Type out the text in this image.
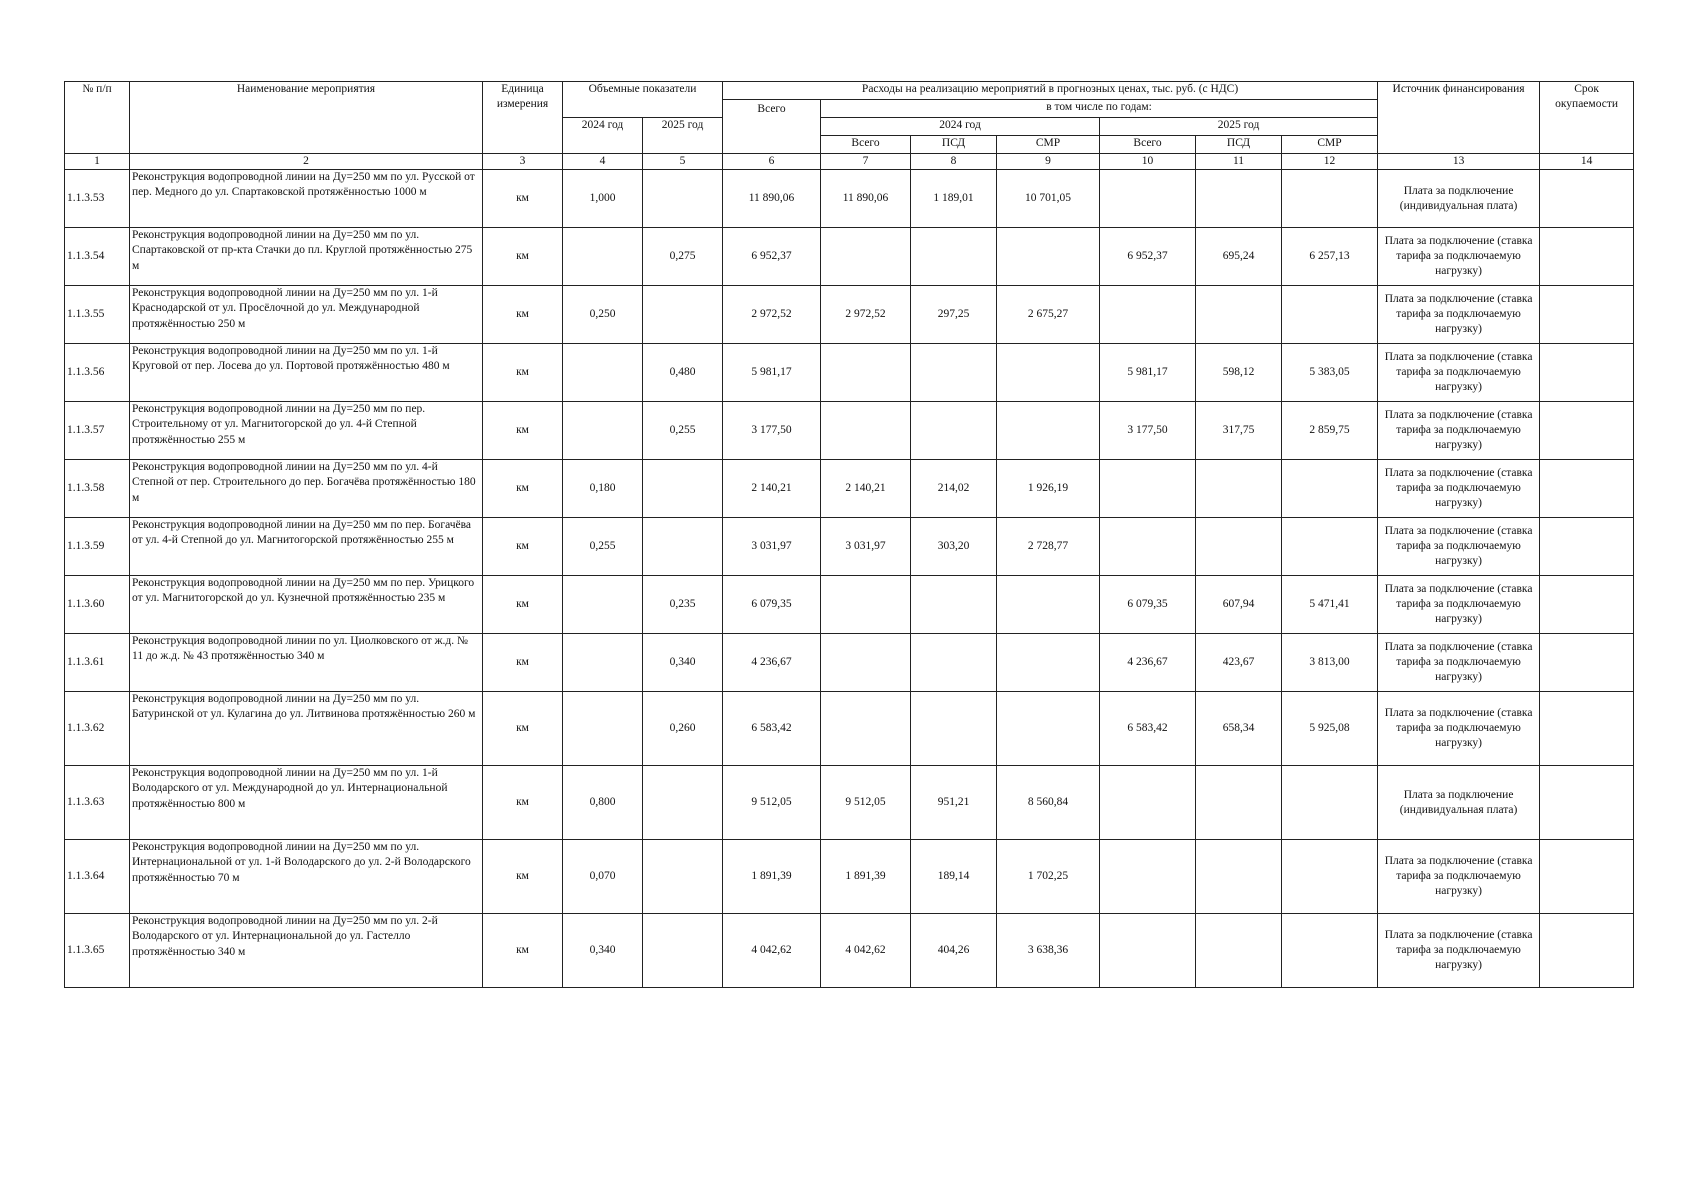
№ п/п	Наименование мероприятия	Единица измерения	Объемные показатели		Расходы на реализацию мероприятий в прогнозных ценах, тыс. руб. (с НДС)							Источник финансирования	Срок окупаемости
					Всего	в том числе по годам:							
			2024 год	2025 год		2024 год			2025 год				
						Всего	ПСД	СМР	Всего	ПСД	СМР		
1	2	3	4	5	6	7	8	9	10	11	12	13	14
1.1.3.53	Реконструкция водопроводной линии на Ду=250 мм по ул. Русской от пер. Медного до ул. Спартаковской протяжённостью 1000 м	км	1,000		11 890,06	11 890,06	1 189,01	10 701,05				Плата за подключение (индивидуальная плата)	
1.1.3.54	Реконструкция водопроводной линии на Ду=250 мм по ул. Спартаковской от пр-кта Стачки до пл. Круглой протяжённостью 275 м	км		0,275	6 952,37				6 952,37	695,24	6 257,13	Плата за подключение (ставка тарифа за подключаемую нагрузку)	
1.1.3.55	Реконструкция водопроводной линии на Ду=250 мм по ул. 1-й Краснодарской от ул. Просёлочной до ул. Международной протяжённостью 250 м	км	0,250		2 972,52	2 972,52	297,25	2 675,27				Плата за подключение (ставка тарифа за подключаемую нагрузку)	
1.1.3.56	Реконструкция водопроводной линии на Ду=250 мм по ул. 1-й Круговой от пер. Лосева до ул. Портовой протяжённостью 480 м	км		0,480	5 981,17				5 981,17	598,12	5 383,05	Плата за подключение (ставка тарифа за подключаемую нагрузку)	
1.1.3.57	Реконструкция водопроводной линии на Ду=250 мм по пер. Строительному от ул. Магнитогорской до ул. 4-й Степной протяжённостью 255 м	км		0,255	3 177,50				3 177,50	317,75	2 859,75	Плата за подключение (ставка тарифа за подключаемую нагрузку)	
1.1.3.58	Реконструкция водопроводной линии на Ду=250 мм по ул. 4-й Степной от пер. Строительного до пер. Богачёва протяжённостью 180 м	км	0,180		2 140,21	2 140,21	214,02	1 926,19				Плата за подключение (ставка тарифа за подключаемую нагрузку)	
1.1.3.59	Реконструкция водопроводной линии на Ду=250 мм по пер. Богачёва от ул. 4-й Степной до ул. Магнитогорской протяжённостью 255 м	км	0,255		3 031,97	3 031,97	303,20	2 728,77				Плата за подключение (ставка тарифа за подключаемую нагрузку)	
1.1.3.60	Реконструкция водопроводной линии на Ду=250 мм по пер. Урицкого от ул. Магнитогорской до ул. Кузнечной протяжённостью 235 м	км		0,235	6 079,35				6 079,35	607,94	5 471,41	Плата за подключение (ставка тарифа за подключаемую нагрузку)	
1.1.3.61	Реконструкция водопроводной линии по ул. Циолковского от ж.д. № 11 до ж.д. № 43 протяжённостью 340 м	км		0,340	4 236,67				4 236,67	423,67	3 813,00	Плата за подключение (ставка тарифа за подключаемую нагрузку)	
1.1.3.62	Реконструкция водопроводной линии на Ду=250 мм по ул. Батуринской от ул. Кулагина до ул. Литвинова протяжённостью 260 м	км		0,260	6 583,42				6 583,42	658,34	5 925,08	Плата за подключение (ставка тарифа за подключаемую нагрузку)	
1.1.3.63	Реконструкция водопроводной линии на Ду=250 мм по ул. 1-й Володарского от ул. Международной до ул. Интернациональной протяжённостью 800 м	км	0,800		9 512,05	9 512,05	951,21	8 560,84				Плата за подключение (индивидуальная плата)	
1.1.3.64	Реконструкция водопроводной линии на Ду=250 мм по ул. Интернациональной от ул. 1-й Володарского до ул. 2-й Володарского протяжённостью 70 м	км	0,070		1 891,39	1 891,39	189,14	1 702,25				Плата за подключение (ставка тарифа за подключаемую нагрузку)	
1.1.3.65	Реконструкция водопроводной линии на Ду=250 мм по ул. 2-й Володарского от ул. Интернациональной до ул. Гастелло протяжённостью 340 м	км	0,340		4 042,62	4 042,62	404,26	3 638,36				Плата за подключение (ставка тарифа за подключаемую нагрузку)	
